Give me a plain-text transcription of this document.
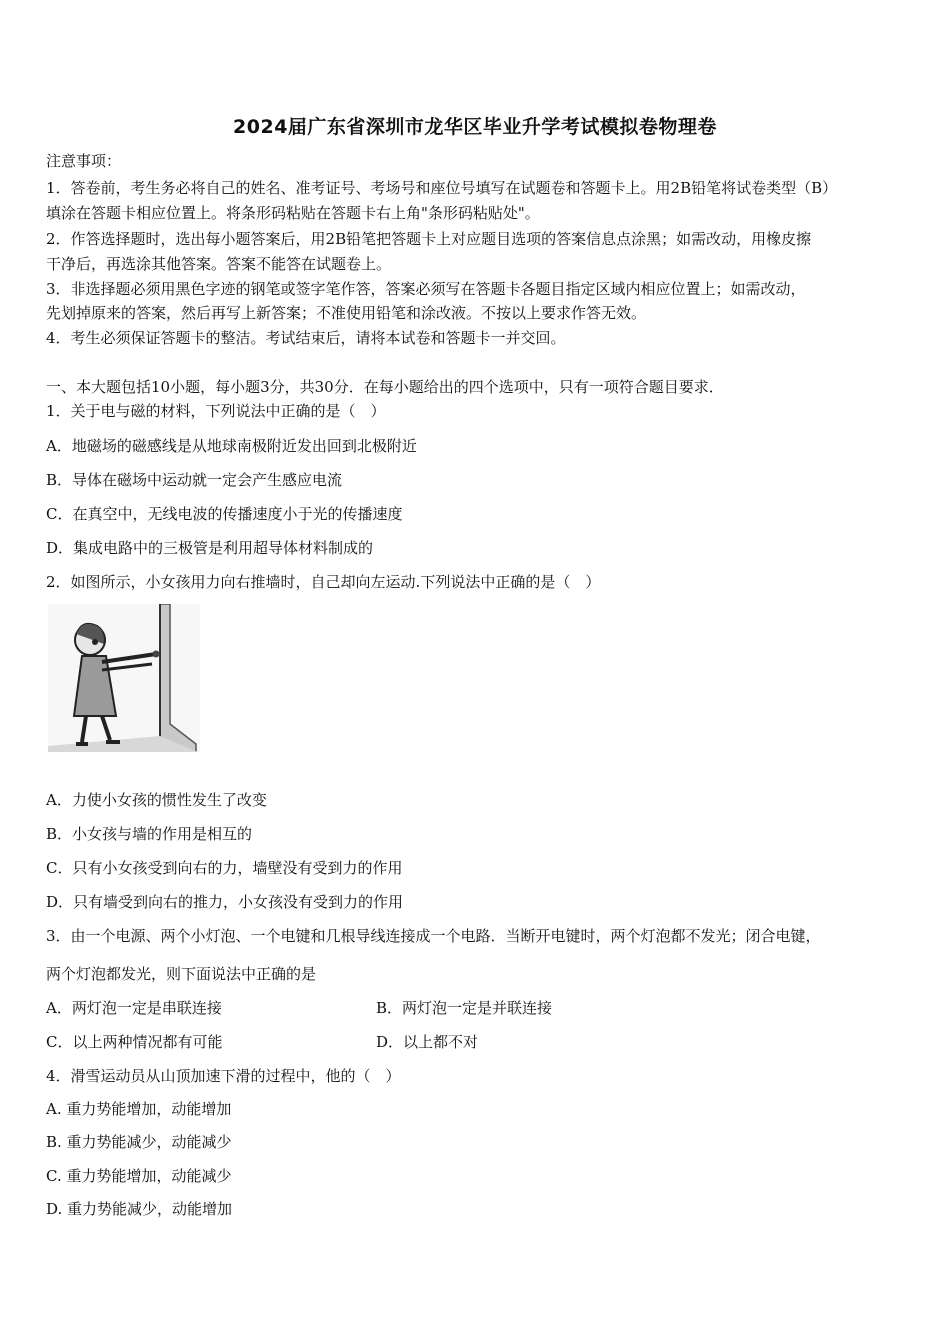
2024届广东省深圳市龙华区毕业升学考试模拟卷物理卷
注意事项：
1．答卷前，考生务必将自己的姓名、准考证号、考场号和座位号填写在试题卷和答题卡上。用2B铅笔将试卷类型（B）
填涂在答题卡相应位置上。将条形码粘贴在答题卡右上角"条形码粘贴处"。
2．作答选择题时，选出每小题答案后，用2B铅笔把答题卡上对应题目选项的答案信息点涂黑；如需改动，用橡皮擦
干净后，再选涂其他答案。答案不能答在试题卷上。
3．非选择题必须用黑色字迹的钢笔或签字笔作答，答案必须写在答题卡各题目指定区域内相应位置上；如需改动，
先划掉原来的答案，然后再写上新答案；不准使用铅笔和涂改液。不按以上要求作答无效。
4．考生必须保证答题卡的整洁。考试结束后，请将本试卷和答题卡一并交回。
一、本大题包括10小题，每小题3分，共30分．在每小题给出的四个选项中，只有一项符合题目要求．
1．关于电与磁的材料，下列说法中正确的是（　）
A．地磁场的磁感线是从地球南极附近发出回到北极附近
B．导体在磁场中运动就一定会产生感应电流
C．在真空中，无线电波的传播速度小于光的传播速度
D．集成电路中的三极管是利用超导体材料制成的
2．如图所示，小女孩用力向右推墙时，自己却向左运动.下列说法中正确的是（　）
A．力使小女孩的惯性发生了改变
B．小女孩与墙的作用是相互的
C．只有小女孩受到向右的力，墙壁没有受到力的作用
D．只有墙受到向右的推力，小女孩没有受到力的作用
3．由一个电源、两个小灯泡、一个电键和几根导线连接成一个电路．当断开电键时，两个灯泡都不发光；闭合电键，
两个灯泡都发光，则下面说法中正确的是
A．两灯泡一定是串联连接	B．两灯泡一定是并联连接
C．以上两种情况都有可能	D．以上都不对
4．滑雪运动员从山顶加速下滑的过程中，他的（　）
A. 重力势能增加，动能增加
B. 重力势能减少，动能减少
C. 重力势能增加，动能减少
D. 重力势能减少，动能增加
